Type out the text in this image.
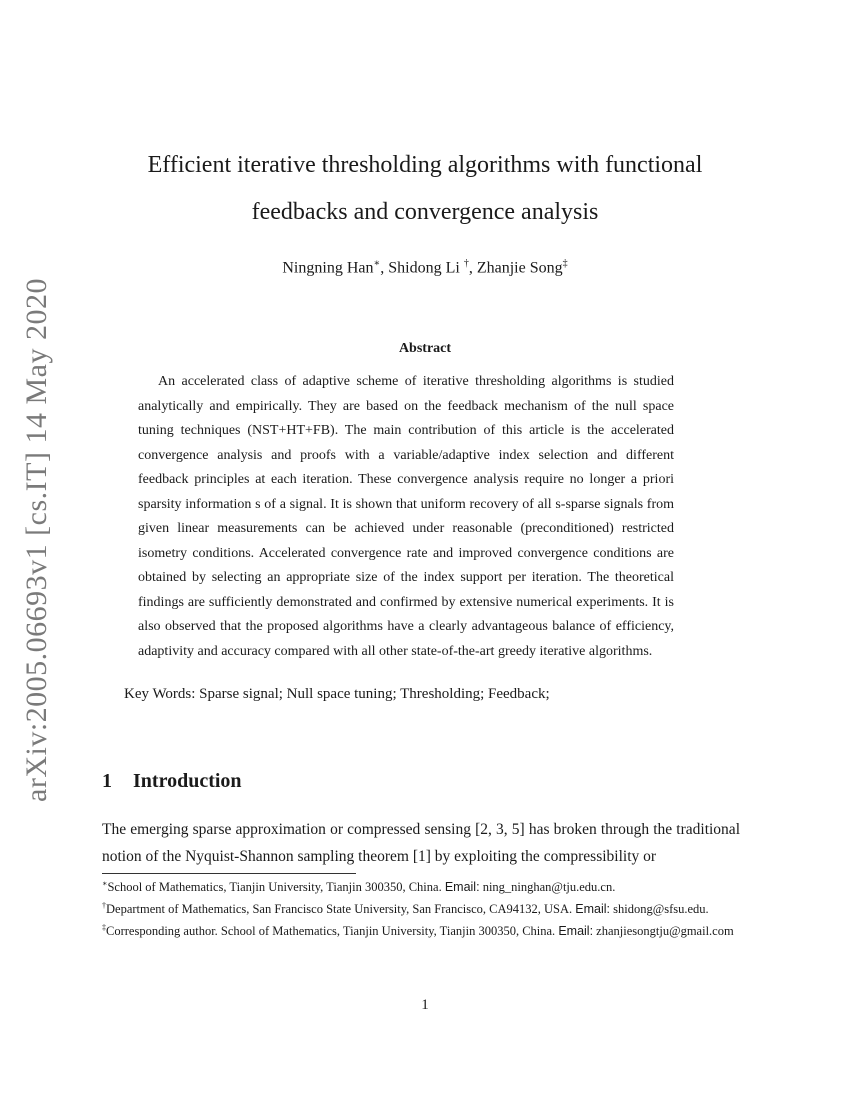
arXiv:2005.06693v1 [cs.IT] 14 May 2020
Efficient iterative thresholding algorithms with functional
feedbacks and convergence analysis
Ningning Han∗, Shidong Li †, Zhanjie Song‡
Abstract

An accelerated class of adaptive scheme of iterative thresholding algorithms is studied analytically and empirically. They are based on the feedback mechanism of the null space tuning techniques (NST+HT+FB). The main contribution of this article is the accelerated convergence analysis and proofs with a variable/adaptive index selection and different feedback principles at each iteration. These convergence analysis require no longer a priori sparsity information s of a signal. It is shown that uniform recovery of all s-sparse signals from given linear measurements can be achieved under reasonable (preconditioned) restricted isometry conditions. Accelerated convergence rate and improved convergence conditions are obtained by selecting an appropriate size of the index support per iteration. The theoretical findings are sufficiently demonstrated and confirmed by extensive numerical experiments. It is also observed that the proposed algorithms have a clearly advantageous balance of efficiency, adaptivity and accuracy compared with all other state-of-the-art greedy iterative algorithms.

Key Words: Sparse signal; Null space tuning; Thresholding; Feedback;
1 Introduction

The emerging sparse approximation or compressed sensing [2, 3, 5] has broken through the traditional notion of the Nyquist-Shannon sampling theorem [1] by exploiting the compressibility or

∗School of Mathematics, Tianjin University, Tianjin 300350, China. Email: ning_ninghan@tju.edu.cn.

†Department of Mathematics, San Francisco State University, San Francisco, CA94132, USA. Email: shidong@sfsu.edu.

‡Corresponding author. School of Mathematics, Tianjin University, Tianjin 300350, China. Email: zhanjiesongtju@gmail.com

1
